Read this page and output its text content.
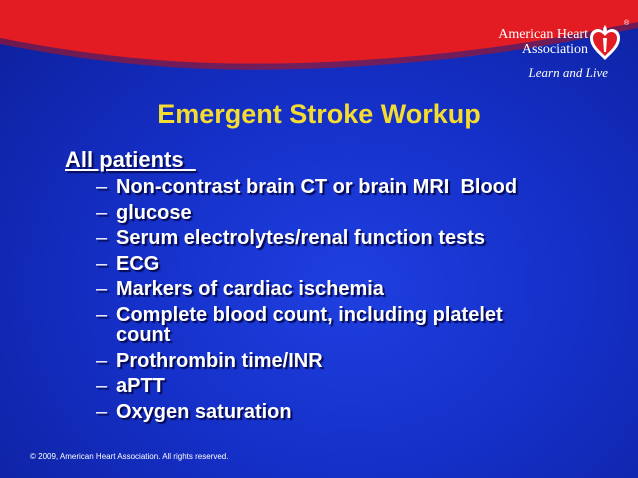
American Heart
Association
®
Learn and Live
Emergent Stroke Workup
All patients
– Non-contrast brain CT or brain MRI  Blood
– glucose
– Serum electrolytes/renal function tests
– ECG
– Markers of cardiac ischemia
– Complete blood count, including platelet count
– Prothrombin time/INR
– aPTT
– Oxygen saturation
© 2009, American Heart Association. All rights reserved.
